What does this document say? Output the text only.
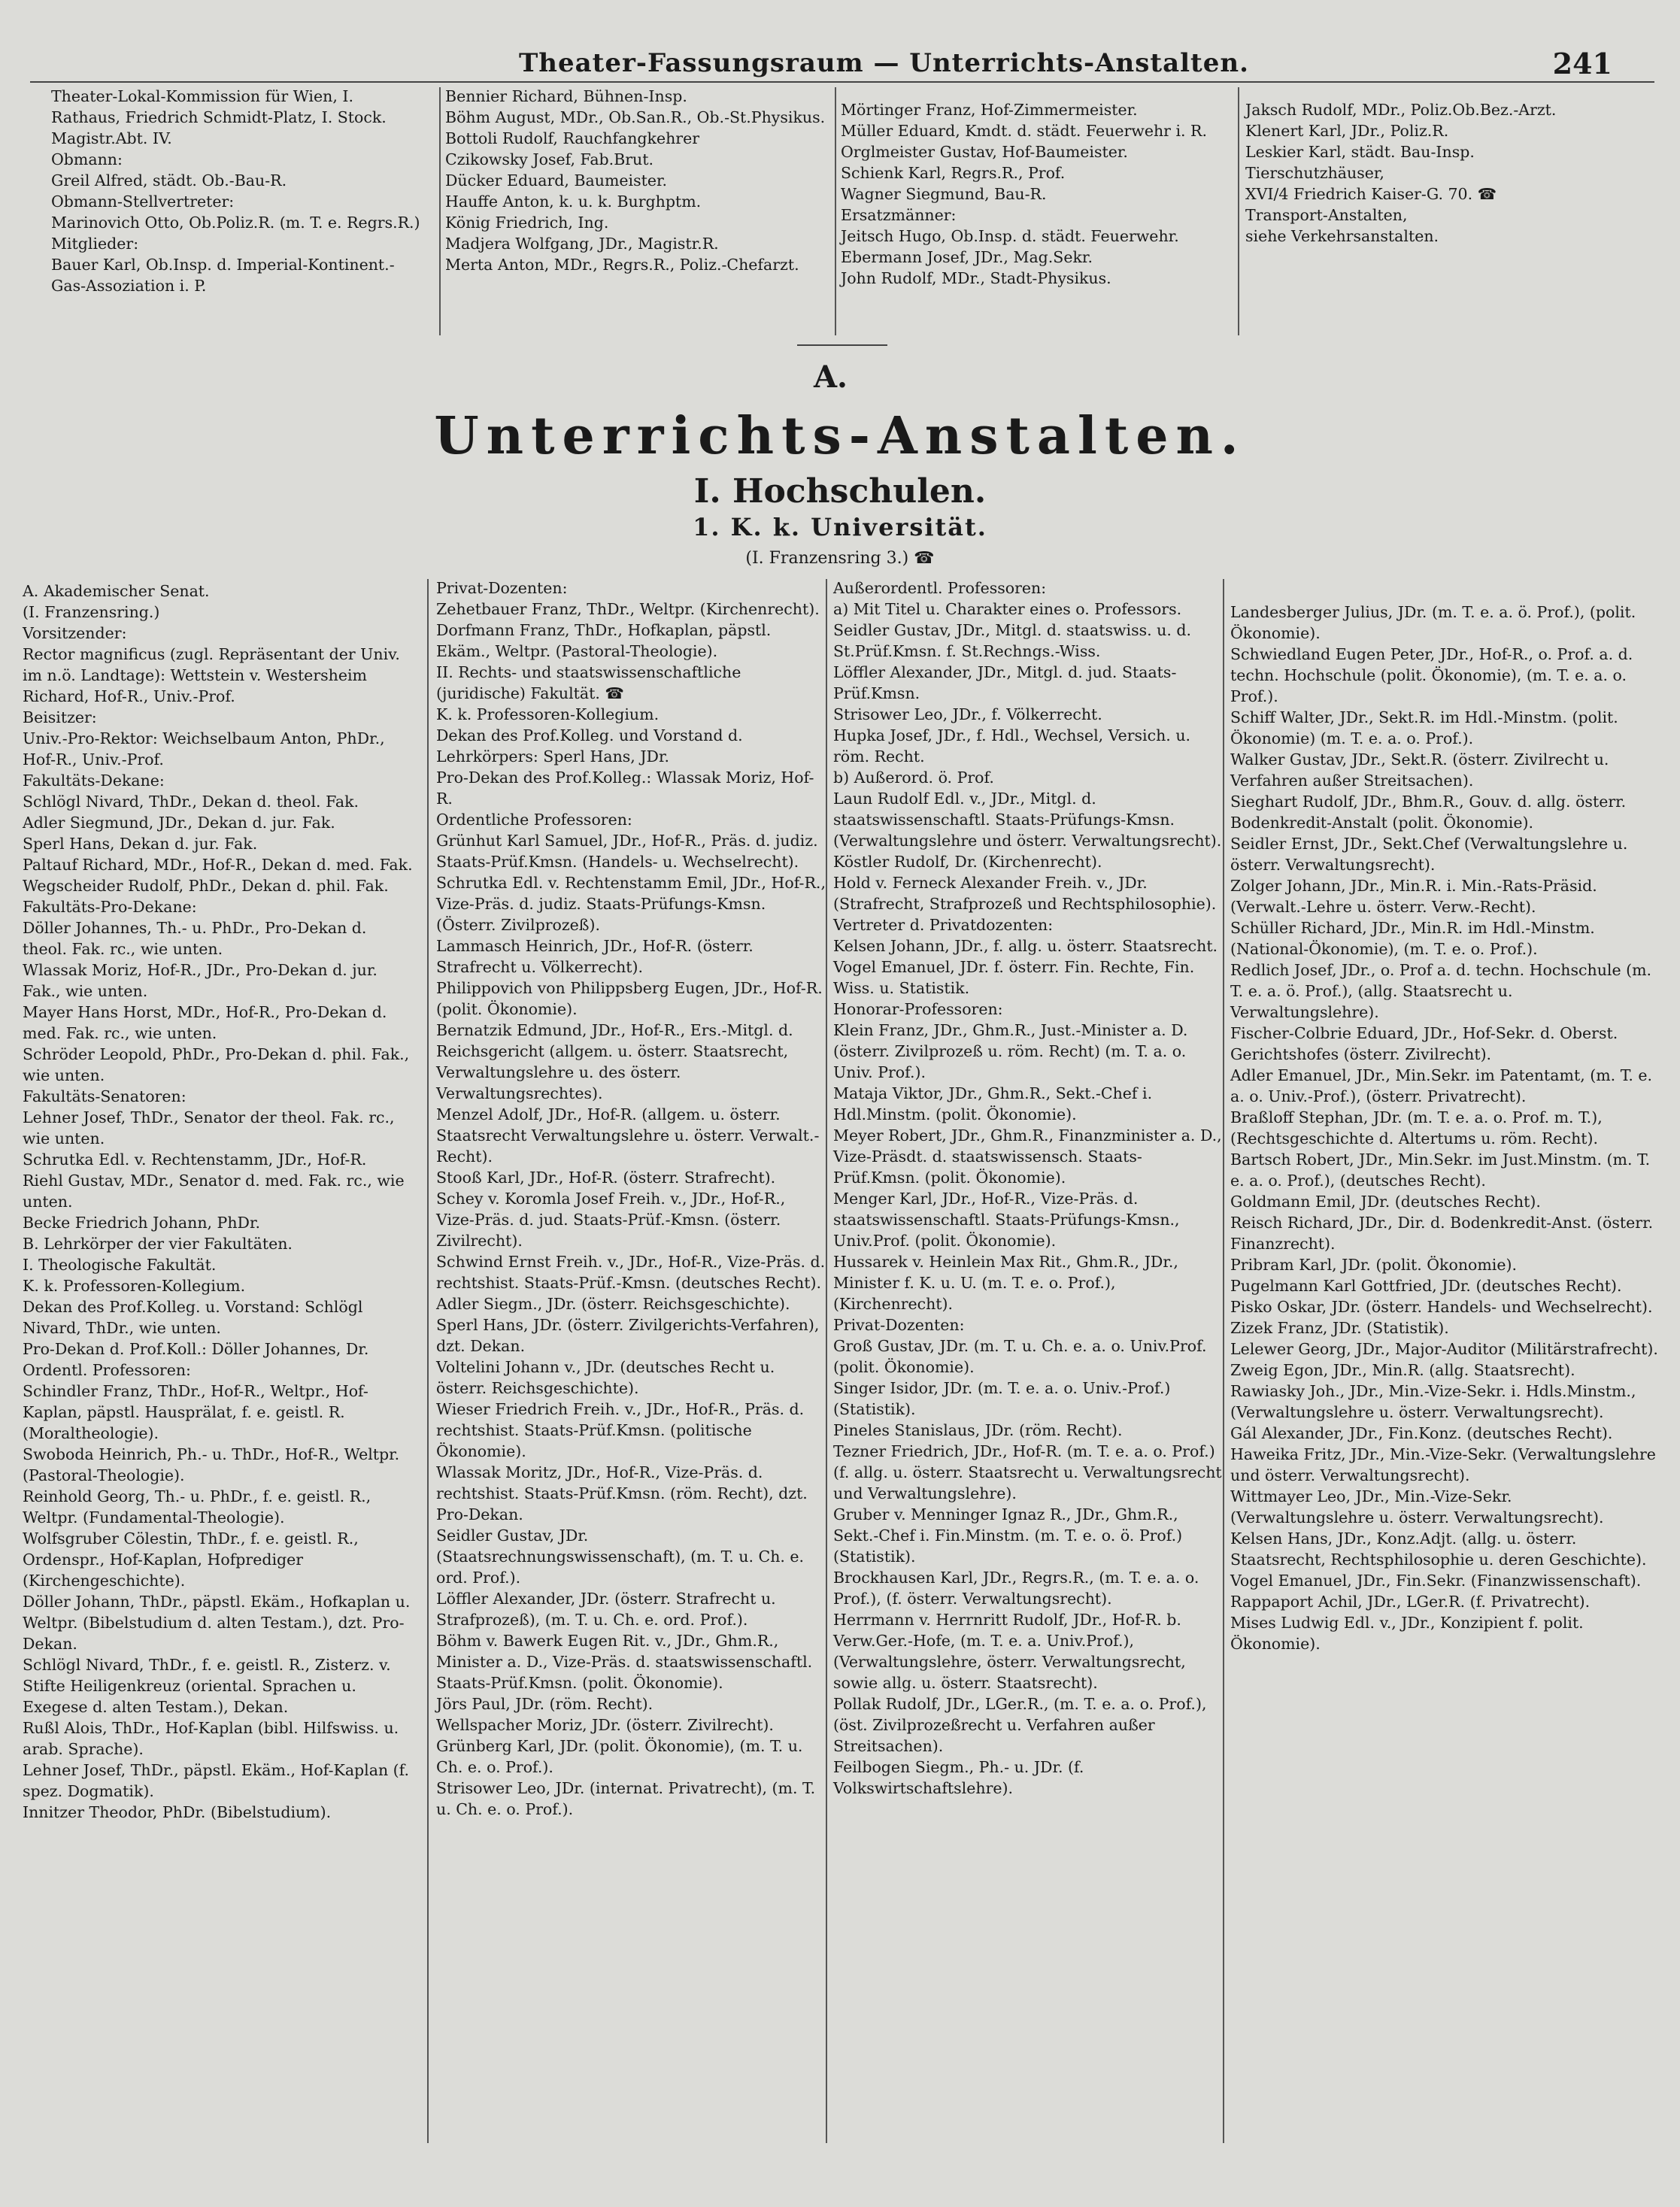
Theater-Fassungsraum — Unterrichts-Anstalten.	241
Theater-Lokal-Kommission für Wien, I. Rathaus, Friedrich Schmidt-Platz, I. Stock. Magistr.Abt. IV.
Obmann:
Greil Alfred, städt. Ob.-Bau-R.
Obmann-Stellvertreter:
Marinovich Otto, Ob.Poliz.R. (m. T. e. Regrs.R.)
Mitglieder:
Bauer Karl, Ob.Insp. d. Imperial-Kontinent.-Gas-Assoziation i. P.
Bennier Richard, Bühnen-Insp.
Böhm August, MDr., Ob.San.R., Ob.-St.Physikus.
Bottoli Rudolf, Rauchfangkehrer
Czikowsky Josef, Fab.Brut.
Dücker Eduard, Baumeister.
Hauffe Anton, k. u. k. Burghptm.
König Friedrich, Ing.
Madjera Wolfgang, JDr., Magistr.R.
Merta Anton, MDr., Regrs.R., Poliz.-Chefarzt.
Mörtinger Franz, Hof-Zimmermeister.
Müller Eduard, Kmdt. d. städt. Feuerwehr i. R.
Orglmeister Gustav, Hof-Baumeister.
Schienk Karl, Regrs.R., Prof.
Wagner Siegmund, Bau-R.
Ersatzmänner:
Jeitsch Hugo, Ob.Insp. d. städt. Feuerwehr.
Ebermann Josef, JDr., Mag.Sekr.
John Rudolf, MDr., Stadt-Physikus.
Jaksch Rudolf, MDr., Poliz.Ob.Bez.-Arzt.
Klenert Karl, JDr., Poliz.R.
Leskier Karl, städt. Bau-Insp.
Tierschutzhäuser,
XVI/4 Friedrich Kaiser-G. 70. ☎
Transport-Anstalten,
siehe Verkehrsanstalten.
A.
Unterrichts-Anstalten.
I. Hochschulen.
1. K. k. Universität.
(I. Franzensring 3.) ☎
A. Akademischer Senat.
(I. Franzensring.)
Vorsitzender:
Rector magnificus (zugl. Repräsentant der Univ. im n.ö. Landtage): Wettstein v. Westersheim Richard, Hof-R., Univ.-Prof.
Beisitzer:
Univ.-Pro-Rektor: Weichselbaum Anton, PhDr., Hof-R., Univ.-Prof.
Fakultäts-Dekane:
Schlögl Nivard, ThDr., Dekan d. theol. Fak.
Adler Siegmund, JDr., Dekan d. jur. Fak.
Sperl Hans, Dekan d. jur. Fak.
Paltauf Richard, MDr., Hof-R., Dekan d. med. Fak.
Wegscheider Rudolf, PhDr., Dekan d. phil. Fak.
Fakultäts-Pro-Dekane:
Döller Johannes, Th.- u. PhDr., Pro-Dekan d. theol. Fak. rc., wie unten.
Wlassak Moriz, Hof-R., JDr., Pro-Dekan d. jur. Fak., wie unten.
Mayer Hans Horst, MDr., Hof-R., Pro-Dekan d. med. Fak. rc., wie unten.
Schröder Leopold, PhDr., Pro-Dekan d. phil. Fak., wie unten.
Fakultäts-Senatoren:
Lehner Josef, ThDr., Senator der theol. Fak. rc., wie unten.
Schrutka Edl. v. Rechtenstamm, JDr., Hof-R.
Riehl Gustav, MDr., Senator d. med. Fak. rc., wie unten.
Becke Friedrich Johann, PhDr.
B. Lehrkörper der vier Fakultäten.
I. Theologische Fakultät.
K. k. Professoren-Kollegium.
Dekan des Prof.Kolleg. u. Vorstand: Schlögl Nivard, ThDr., wie unten.
Pro-Dekan d. Prof.Koll.: Döller Johannes, Dr.
Ordentl. Professoren:
Schindler Franz, ThDr., Hof-R., Weltpr., Hof-Kaplan, päpstl. Hausprälat, f. e. geistl. R. (Moraltheologie).
Swoboda Heinrich, Ph.- u. ThDr., Hof-R., Weltpr. (Pastoral-Theologie).
Reinhold Georg, Th.- u. PhDr., f. e. geistl. R., Weltpr. (Fundamental-Theologie).
Wolfsgruber Cölestin, ThDr., f. e. geistl. R., Ordenspr., Hof-Kaplan, Hofprediger (Kirchengeschichte).
Döller Johann, ThDr., päpstl. Ekäm., Hofkaplan u. Weltpr. (Bibelstudium d. alten Testam.), dzt. Pro-Dekan.
Schlögl Nivard, ThDr., f. e. geistl. R., Zisterz. v. Stifte Heiligenkreuz (oriental. Sprachen u. Exegese d. alten Testam.), Dekan.
Rußl Alois, ThDr., Hof-Kaplan (bibl. Hilfswiss. u. arab. Sprache).
Lehner Josef, ThDr., päpstl. Ekäm., Hof-Kaplan (f. spez. Dogmatik).
Innitzer Theodor, PhDr. (Bibelstudium).
Privat-Dozenten:
Zehetbauer Franz, ThDr., Weltpr. (Kirchenrecht).
Dorfmann Franz, ThDr., Hofkaplan, päpstl. Ekäm., Weltpr. (Pastoral-Theologie).
II. Rechts- und staatswissenschaftliche (juridische) Fakultät. ☎
K. k. Professoren-Kollegium.
Dekan des Prof.Kolleg. und Vorstand d. Lehrkörpers: Sperl Hans, JDr.
Pro-Dekan des Prof.Kolleg.: Wlassak Moriz, Hof-R.
Ordentliche Professoren:
Grünhut Karl Samuel, JDr., Hof-R., Präs. d. judiz. Staats-Prüf.Kmsn. (Handels- u. Wechselrecht).
Schrutka Edl. v. Rechtenstamm Emil, JDr., Hof-R., Vize-Präs. d. judiz. Staats-Prüfungs-Kmsn. (Österr. Zivilprozeß).
Lammasch Heinrich, JDr., Hof-R. (österr. Strafrecht u. Völkerrecht).
Philippovich von Philippsberg Eugen, JDr., Hof-R. (polit. Ökonomie).
Bernatzik Edmund, JDr., Hof-R., Ers.-Mitgl. d. Reichsgericht (allgem. u. österr. Staatsrecht, Verwaltungslehre u. des österr. Verwaltungsrechtes).
Menzel Adolf, JDr., Hof-R. (allgem. u. österr. Staatsrecht Verwaltungslehre u. österr. Verwalt.-Recht).
Stooß Karl, JDr., Hof-R. (österr. Strafrecht).
Schey v. Koromla Josef Freih. v., JDr., Hof-R., Vize-Präs. d. jud. Staats-Prüf.-Kmsn. (österr. Zivilrecht).
Schwind Ernst Freih. v., JDr., Hof-R., Vize-Präs. d. rechtshist. Staats-Prüf.-Kmsn. (deutsches Recht).
Adler Siegm., JDr. (österr. Reichsgeschichte).
Sperl Hans, JDr. (österr. Zivilgerichts-Verfahren), dzt. Dekan.
Voltelini Johann v., JDr. (deutsches Recht u. österr. Reichsgeschichte).
Wieser Friedrich Freih. v., JDr., Hof-R., Präs. d. rechtshist. Staats-Prüf.Kmsn. (politische Ökonomie).
Wlassak Moritz, JDr., Hof-R., Vize-Präs. d. rechtshist. Staats-Prüf.Kmsn. (röm. Recht), dzt. Pro-Dekan.
Seidler Gustav, JDr. (Staatsrechnungswissenschaft), (m. T. u. Ch. e. ord. Prof.).
Löffler Alexander, JDr. (österr. Strafrecht u. Strafprozeß), (m. T. u. Ch. e. ord. Prof.).
Böhm v. Bawerk Eugen Rit. v., JDr., Ghm.R., Minister a. D., Vize-Präs. d. staatswissenschaftl. Staats-Prüf.Kmsn. (polit. Ökonomie).
Jörs Paul, JDr. (röm. Recht).
Wellspacher Moriz, JDr. (österr. Zivilrecht).
Grünberg Karl, JDr. (polit. Ökonomie), (m. T. u. Ch. e. o. Prof.).
Strisower Leo, JDr. (internat. Privatrecht), (m. T. u. Ch. e. o. Prof.).
Außerordentl. Professoren:
a) Mit Titel u. Charakter eines o. Professors.
Seidler Gustav, JDr., Mitgl. d. staatswiss. u. d. St.Prüf.Kmsn. f. St.Rechngs.-Wiss.
Löffler Alexander, JDr., Mitgl. d. jud. Staats-Prüf.Kmsn.
Strisower Leo, JDr., f. Völkerrecht.
Hupka Josef, JDr., f. Hdl., Wechsel, Versich. u. röm. Recht.
b) Außerord. ö. Prof.
Laun Rudolf Edl. v., JDr., Mitgl. d. staatswissenschaftl. Staats-Prüfungs-Kmsn. (Verwaltungslehre und österr. Verwaltungsrecht).
Köstler Rudolf, Dr. (Kirchenrecht).
Hold v. Ferneck Alexander Freih. v., JDr. (Strafrecht, Strafprozeß und Rechtsphilosophie).
Vertreter d. Privatdozenten:
Kelsen Johann, JDr., f. allg. u. österr. Staatsrecht.
Vogel Emanuel, JDr. f. österr. Fin. Rechte, Fin. Wiss. u. Statistik.
Honorar-Professoren:
Klein Franz, JDr., Ghm.R., Just.-Minister a. D. (österr. Zivilprozeß u. röm. Recht) (m. T. a. o. Univ. Prof.).
Mataja Viktor, JDr., Ghm.R., Sekt.-Chef i. Hdl.Minstm. (polit. Ökonomie).
Meyer Robert, JDr., Ghm.R., Finanzminister a. D., Vize-Präsdt. d. staatswissensch. Staats-Prüf.Kmsn. (polit. Ökonomie).
Menger Karl, JDr., Hof-R., Vize-Präs. d. staatswissenschaftl. Staats-Prüfungs-Kmsn., Univ.Prof. (polit. Ökonomie).
Hussarek v. Heinlein Max Rit., Ghm.R., JDr., Minister f. K. u. U. (m. T. e. o. Prof.), (Kirchenrecht).
Privat-Dozenten:
Groß Gustav, JDr. (m. T. u. Ch. e. a. o. Univ.Prof. (polit. Ökonomie).
Singer Isidor, JDr. (m. T. e. a. o. Univ.-Prof.) (Statistik).
Pineles Stanislaus, JDr. (röm. Recht).
Tezner Friedrich, JDr., Hof-R. (m. T. e. a. o. Prof.) (f. allg. u. österr. Staatsrecht u. Verwaltungsrecht und Verwaltungslehre).
Gruber v. Menninger Ignaz R., JDr., Ghm.R., Sekt.-Chef i. Fin.Minstm. (m. T. e. o. ö. Prof.) (Statistik).
Brockhausen Karl, JDr., Regrs.R., (m. T. e. a. o. Prof.), (f. österr. Verwaltungsrecht).
Herrmann v. Herrnritt Rudolf, JDr., Hof-R. b. Verw.Ger.-Hofe, (m. T. e. a. Univ.Prof.), (Verwaltungslehre, österr. Verwaltungsrecht, sowie allg. u. österr. Staatsrecht).
Pollak Rudolf, JDr., LGer.R., (m. T. e. a. o. Prof.), (öst. Zivilprozeßrecht u. Verfahren außer Streitsachen).
Feilbogen Siegm., Ph.- u. JDr. (f. Volkswirtschaftslehre).
Landesberger Julius, JDr. (m. T. e. a. ö. Prof.), (polit. Ökonomie).
Schwiedland Eugen Peter, JDr., Hof-R., o. Prof. a. d. techn. Hochschule (polit. Ökonomie), (m. T. e. a. o. Prof.).
Schiff Walter, JDr., Sekt.R. im Hdl.-Minstm. (polit. Ökonomie) (m. T. e. a. o. Prof.).
Walker Gustav, JDr., Sekt.R. (österr. Zivilrecht u. Verfahren außer Streitsachen).
Sieghart Rudolf, JDr., Bhm.R., Gouv. d. allg. österr. Bodenkredit-Anstalt (polit. Ökonomie).
Seidler Ernst, JDr., Sekt.Chef (Verwaltungslehre u. österr. Verwaltungsrecht).
Zolger Johann, JDr., Min.R. i. Min.-Rats-Präsid. (Verwalt.-Lehre u. österr. Verw.-Recht).
Schüller Richard, JDr., Min.R. im Hdl.-Minstm. (National-Ökonomie), (m. T. e. o. Prof.).
Redlich Josef, JDr., o. Prof a. d. techn. Hochschule (m. T. e. a. ö. Prof.), (allg. Staatsrecht u. Verwaltungslehre).
Fischer-Colbrie Eduard, JDr., Hof-Sekr. d. Oberst. Gerichtshofes (österr. Zivilrecht).
Adler Emanuel, JDr., Min.Sekr. im Patentamt, (m. T. e. a. o. Univ.-Prof.), (österr. Privatrecht).
Braßloff Stephan, JDr. (m. T. e. a. o. Prof. m. T.), (Rechtsgeschichte d. Altertums u. röm. Recht).
Bartsch Robert, JDr., Min.Sekr. im Just.Minstm. (m. T. e. a. o. Prof.), (deutsches Recht).
Goldmann Emil, JDr. (deutsches Recht).
Reisch Richard, JDr., Dir. d. Bodenkredit-Anst. (österr. Finanzrecht).
Pribram Karl, JDr. (polit. Ökonomie).
Pugelmann Karl Gottfried, JDr. (deutsches Recht).
Pisko Oskar, JDr. (österr. Handels- und Wechselrecht).
Zizek Franz, JDr. (Statistik).
Lelewer Georg, JDr., Major-Auditor (Militärstrafrecht).
Zweig Egon, JDr., Min.R. (allg. Staatsrecht).
Rawiasky Joh., JDr., Min.-Vize-Sekr. i. Hdls.Minstm., (Verwaltungslehre u. österr. Verwaltungsrecht).
Gál Alexander, JDr., Fin.Konz. (deutsches Recht).
Haweika Fritz, JDr., Min.-Vize-Sekr. (Verwaltungslehre und österr. Verwaltungsrecht).
Wittmayer Leo, JDr., Min.-Vize-Sekr. (Verwaltungslehre u. österr. Verwaltungsrecht).
Kelsen Hans, JDr., Konz.Adjt. (allg. u. österr. Staatsrecht, Rechtsphilosophie u. deren Geschichte).
Vogel Emanuel, JDr., Fin.Sekr. (Finanzwissenschaft).
Rappaport Achil, JDr., LGer.R. (f. Privatrecht).
Mises Ludwig Edl. v., JDr., Konzipient f. polit. Ökonomie).
